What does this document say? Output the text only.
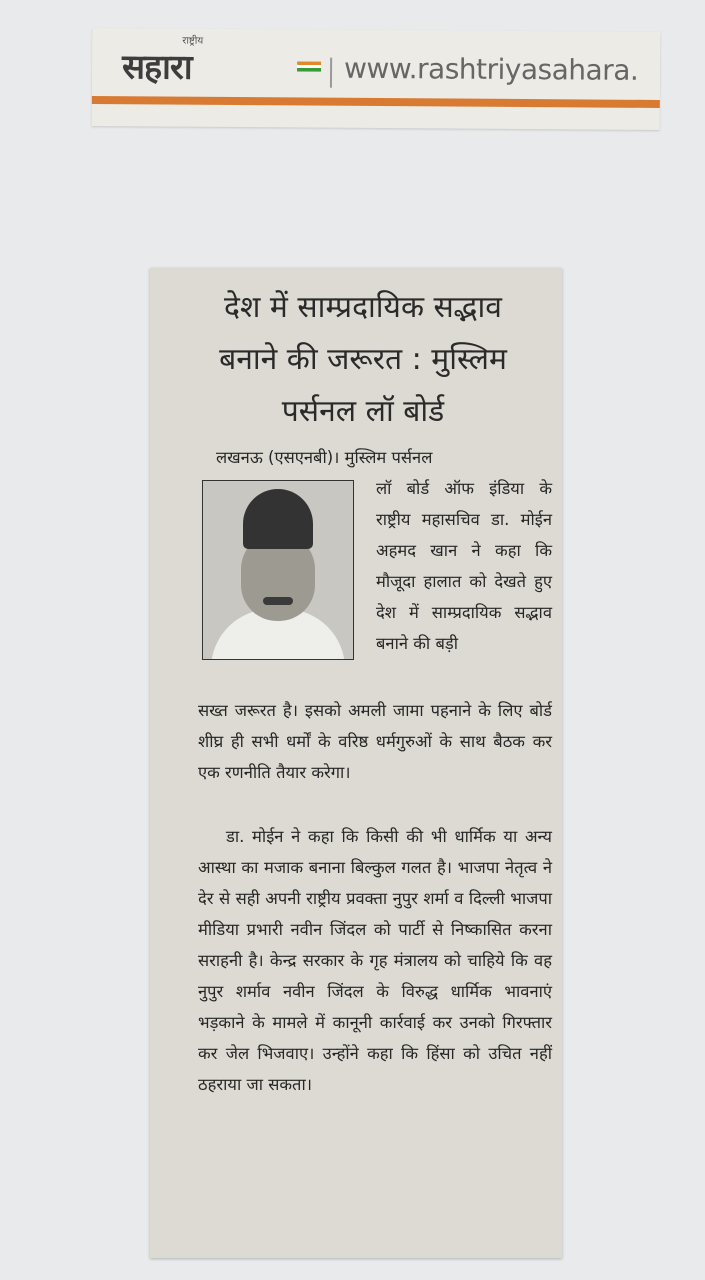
राष्ट्रीय
सहारा	www.rashtriyasahara.
देश में साम्प्रदायिक सद्भाव
बनाने की जरूरत : मुस्लिम
पर्सनल लॉ बोर्ड

लखनऊ (एसएनबी)। मुस्लिम पर्सनल

लॉ बोर्ड ऑफ इंडिया के राष्ट्रीय महासचिव डा. मोईन अहमद खान ने कहा कि मौजूदा हालात को देखते हुए देश में साम्प्रदायिक सद्भाव बनाने की बड़ी

सख्त जरूरत है। इसको अमली जामा पहनाने के लिए बोर्ड शीघ्र ही सभी धर्मों के वरिष्ठ धर्मगुरुओं के साथ बैठक कर एक रणनीति तैयार करेगा।

डा. मोईन ने कहा कि किसी की भी धार्मिक या अन्य आस्था का मजाक बनाना बिल्कुल गलत है। भाजपा नेतृत्व ने देर से सही अपनी राष्ट्रीय प्रवक्ता नुपुर शर्मा व दिल्ली भाजपा मीडिया प्रभारी नवीन जिंदल को पार्टी से निष्कासित करना सराहनी है। केन्द्र सरकार के गृह मंत्रालय को चाहिये कि वह नुपुर शर्माव नवीन जिंदल के विरुद्ध धार्मिक भावनाएं भड़काने के मामले में कानूनी कार्रवाई कर उनको गिरफ्तार कर जेल भिजवाए। उन्होंने कहा कि हिंसा को उचित नहीं ठहराया जा सकता।
